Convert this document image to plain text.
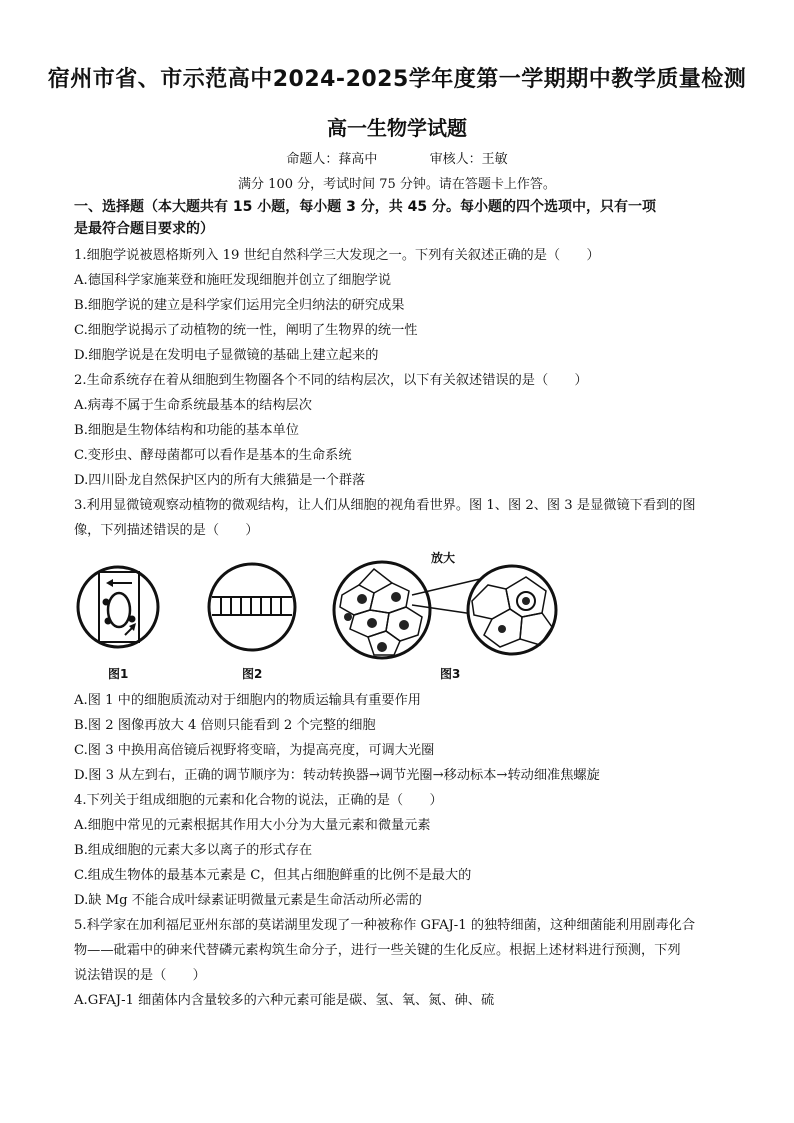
宿州市省、市示范高中2024-2025学年度第一学期期中教学质量检测
高一生物学试题
命题人：萚高中	审核人：王敏
满分 100 分，考试时间 75 分钟。请在答题卡上作答。
一、选择题（本大题共有 15 小题，每小题 3 分，共 45 分。每小题的四个选项中，只有一项
是最符合题目要求的）
1.细胞学说被恩格斯列入 19 世纪自然科学三大发现之一。下列有关叙述正确的是（　　）
A.德国科学家施莱登和施旺发现细胞并创立了细胞学说
B.细胞学说的建立是科学家们运用完全归纳法的研究成果
C.细胞学说揭示了动植物的统一性，阐明了生物界的统一性
D.细胞学说是在发明电子显微镜的基础上建立起来的
2.生命系统存在着从细胞到生物圈各个不同的结构层次，以下有关叙述错误的是（　　）
A.病毒不属于生命系统最基本的结构层次
B.细胞是生物体结构和功能的基本单位
C.变形虫、酵母菌都可以看作是基本的生命系统
D.四川卧龙自然保护区内的所有大熊猫是一个群落
3.利用显微镜观察动植物的微观结构，让人们从细胞的视角看世界。图 1、图 2、图 3 是显微镜下看到的图
像，下列描述错误的是（　　）
放大
图1	图2	图3
A.图 1 中的细胞质流动对于细胞内的物质运输具有重要作用
B.图 2 图像再放大 4 倍则只能看到 2 个完整的细胞
C.图 3 中换用高倍镜后视野将变暗，为提高亮度，可调大光圈
D.图 3 从左到右，正确的调节顺序为：转动转换器→调节光圈→移动标本→转动细准焦螺旋
4.下列关于组成细胞的元素和化合物的说法，正确的是（　　）
A.细胞中常见的元素根据其作用大小分为大量元素和微量元素
B.组成细胞的元素大多以离子的形式存在
C.组成生物体的最基本元素是 C，但其占细胞鲜重的比例不是最大的
D.缺 Mg 不能合成叶绿素证明微量元素是生命活动所必需的
5.科学家在加利福尼亚州东部的莫诺湖里发现了一种被称作 GFAJ-1 的独特细菌，这种细菌能利用剧毒化合
物——砒霜中的砷来代替磷元素构筑生命分子，进行一些关键的生化反应。根据上述材料进行预测，下列
说法错误的是（　　）
A.GFAJ-1 细菌体内含量较多的六种元素可能是碳、氢、氧、氮、砷、硫
